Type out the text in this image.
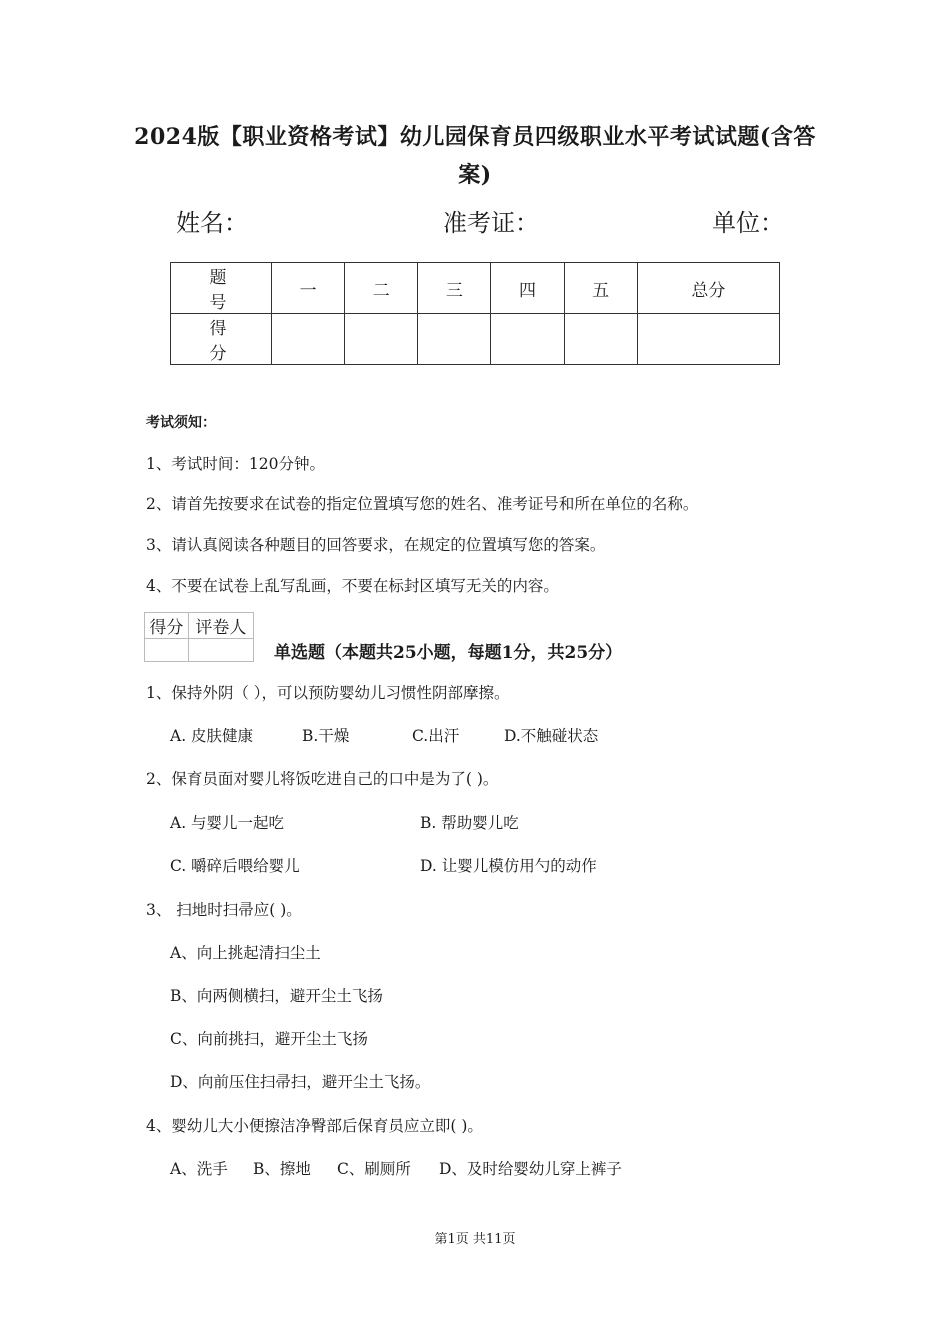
2024版【职业资格考试】幼儿园保育员四级职业水平考试试题(含答案)
姓名：	准考证：	单位：
题 号	一	二	三	四	五	总分
得 分						
考试须知：
1、考试时间：120分钟。
2、请首先按要求在试卷的指定位置填写您的姓名、准考证号和所在单位的名称。
3、请认真阅读各种题目的回答要求，在规定的位置填写您的答案。
4、不要在试卷上乱写乱画，不要在标封区填写无关的内容。
得分	评卷人

单选题（本题共25小题，每题1分，共25分）
1、保持外阴（ ），可以预防婴幼儿习惯性阴部摩擦。
A. 皮肤健康	B.干燥	C.出汗	D.不触碰状态
2、保育员面对婴儿将饭吃进自己的口中是为了( )。
A. 与婴儿一起吃	B. 帮助婴儿吃
C. 嚼碎后喂给婴儿	D. 让婴儿模仿用勺的动作
3、 扫地时扫帚应( )。
A、向上挑起清扫尘土
B、向两侧横扫，避开尘土飞扬
C、向前挑扫，避开尘土飞扬
D、向前压住扫帚扫，避开尘土飞扬。
4、婴幼儿大小便擦洁净臀部后保育员应立即( )。
A、洗手 B、擦地 C、刷厕所 D、及时给婴幼儿穿上裤子
第1页 共11页
